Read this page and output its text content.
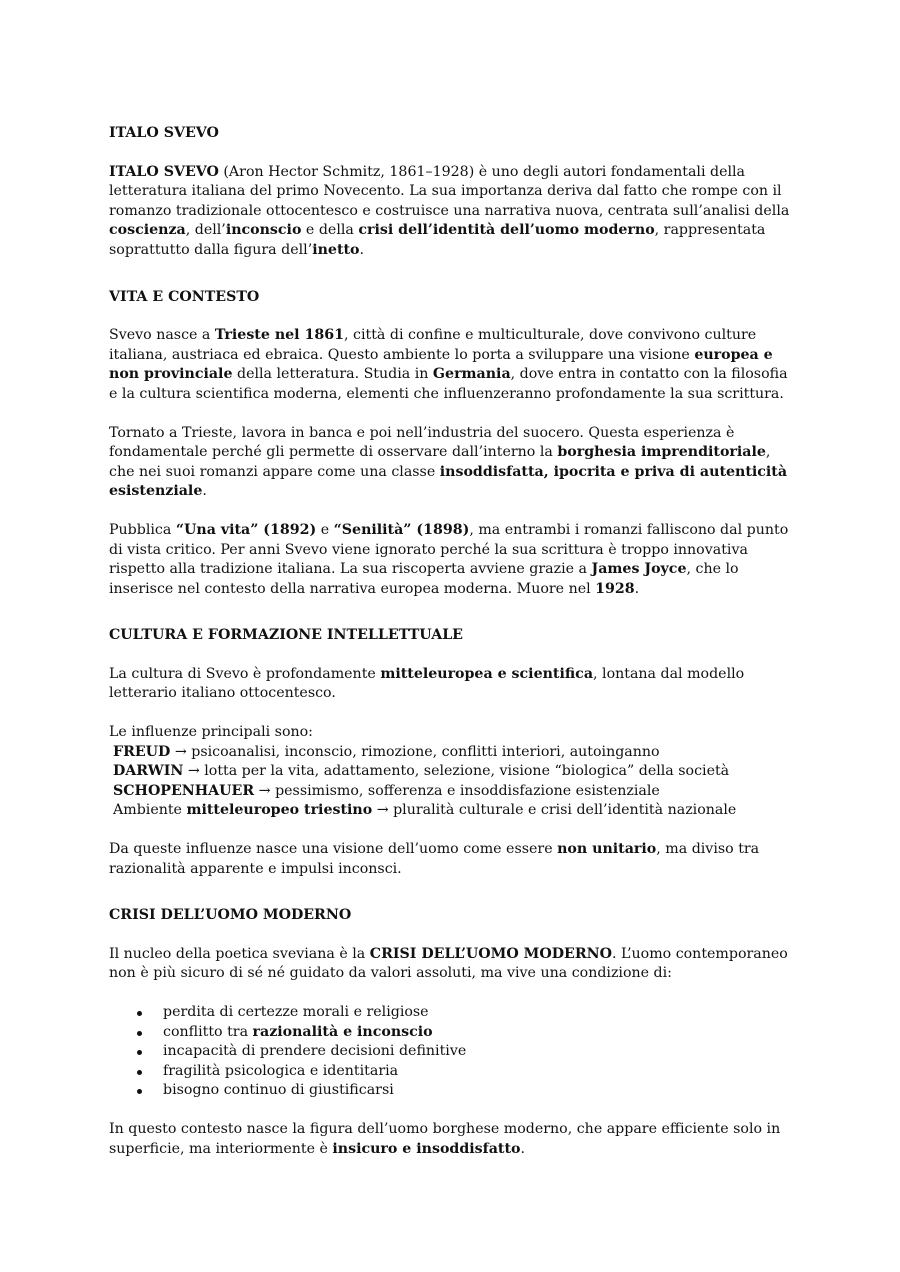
ITALO SVEVO

ITALO SVEVO (Aron Hector Schmitz, 1861–1928) è uno degli autori fondamentali della letteratura italiana del primo Novecento. La sua importanza deriva dal fatto che rompe con il romanzo tradizionale ottocentesco e costruisce una narrativa nuova, centrata sull’analisi della coscienza, dell’inconscio e della crisi dell’identità dell’uomo moderno, rappresentata soprattutto dalla figura dell’inetto.

VITA E CONTESTO

Svevo nasce a Trieste nel 1861, città di confine e multiculturale, dove convivono culture italiana, austriaca ed ebraica. Questo ambiente lo porta a sviluppare una visione europea e non provinciale della letteratura. Studia in Germania, dove entra in contatto con la filosofia e la cultura scientifica moderna, elementi che influenzeranno profondamente la sua scrittura.

Tornato a Trieste, lavora in banca e poi nell’industria del suocero. Questa esperienza è fondamentale perché gli permette di osservare dall’interno la borghesia imprenditoriale, che nei suoi romanzi appare come una classe insoddisfatta, ipocrita e priva di autenticità esistenziale.

Pubblica “Una vita” (1892) e “Senilità” (1898), ma entrambi i romanzi falliscono dal punto di vista critico. Per anni Svevo viene ignorato perché la sua scrittura è troppo innovativa rispetto alla tradizione italiana. La sua riscoperta avviene grazie a James Joyce, che lo inserisce nel contesto della narrativa europea moderna. Muore nel 1928.

CULTURA E FORMAZIONE INTELLETTUALE

La cultura di Svevo è profondamente mitteleuropea e scientifica, lontana dal modello letterario italiano ottocentesco.

Le influenze principali sono:
FREUD → psicoanalisi, inconscio, rimozione, conflitti interiori, autoinganno
DARWIN → lotta per la vita, adattamento, selezione, visione “biologica” della società
SCHOPENHAUER → pessimismo, sofferenza e insoddisfazione esistenziale
Ambiente mitteleuropeo triestino → pluralità culturale e crisi dell’identità nazionale

Da queste influenze nasce una visione dell’uomo come essere non unitario, ma diviso tra razionalità apparente e impulsi inconsci.

CRISI DELL’UOMO MODERNO

Il nucleo della poetica sveviana è la CRISI DELL’UOMO MODERNO. L’uomo contemporaneo non è più sicuro di sé né guidato da valori assoluti, ma vive una condizione di:

perdita di certezze morali e religiose
conflitto tra razionalità e inconscio
incapacità di prendere decisioni definitive
fragilità psicologica e identitaria
bisogno continuo di giustificarsi

In questo contesto nasce la figura dell’uomo borghese moderno, che appare efficiente solo in superficie, ma interiormente è insicuro e insoddisfatto.
